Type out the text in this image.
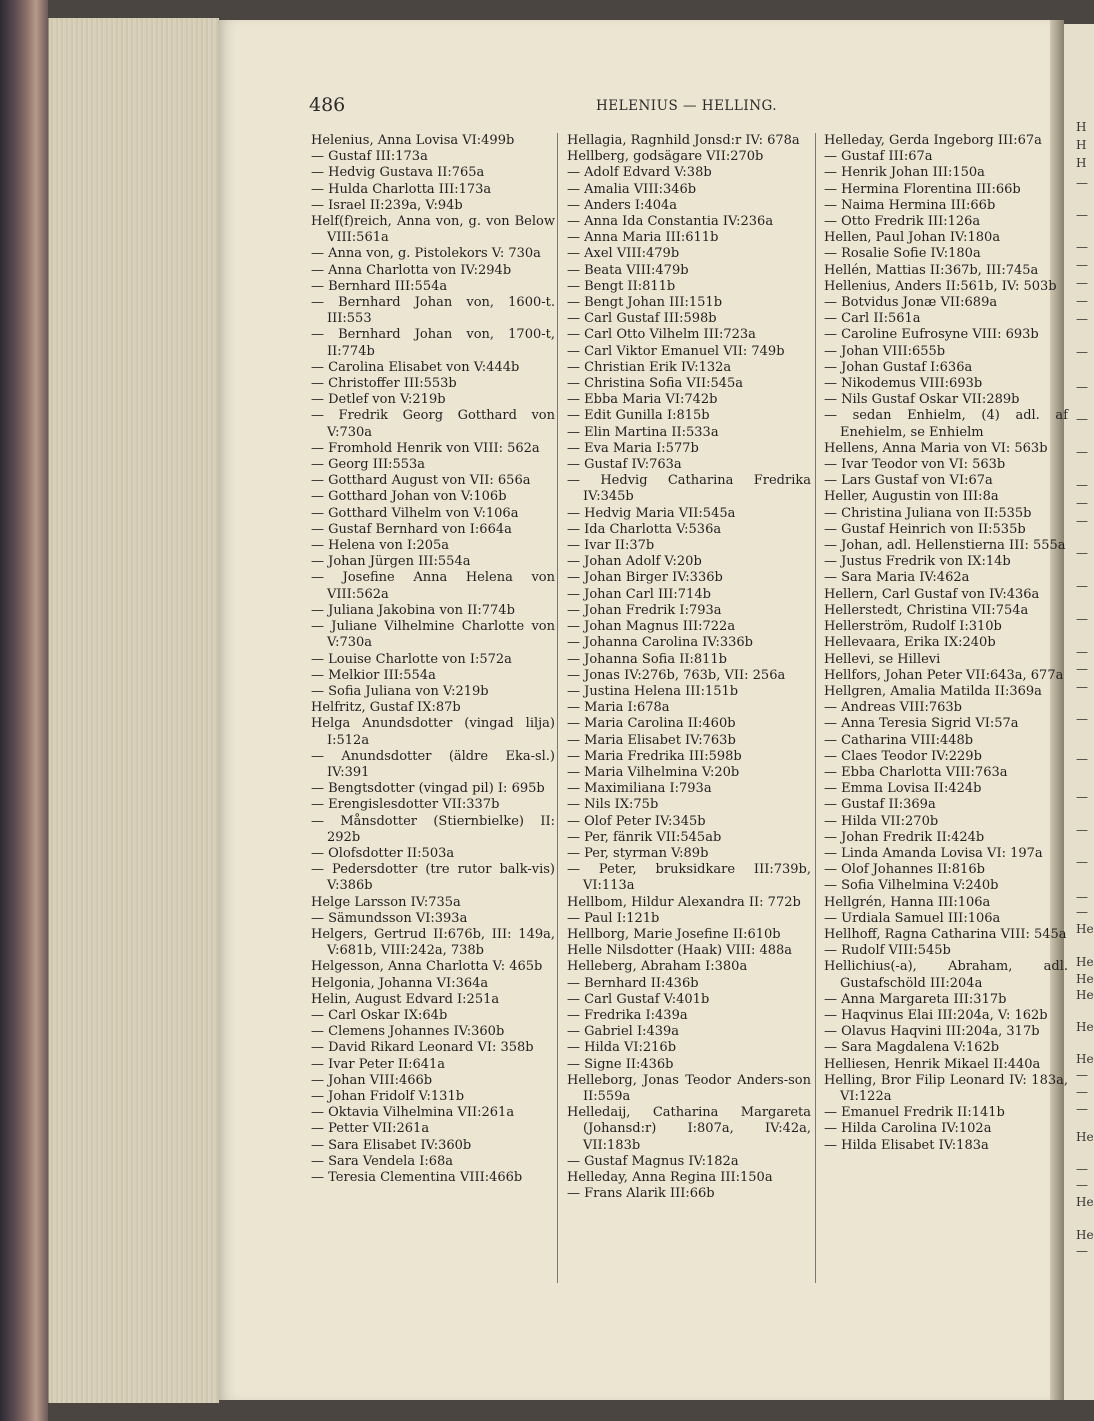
H
H
H
—
—
—
—
—
—
—
—
—
—
—
—
—
—
—
—
—
—
—
—
—
—
—
—
—
—
—
He
He
He
He
He
He
—
—
—
He
—
—
He
He
—
486	HELENIUS — HELLING.

Helenius, Anna Lovisa VI:499b

— Gustaf III:173a

— Hedvig Gustava II:765a

— Hulda Charlotta III:173a

— Israel II:239a, V:94b

Helf(f)reich, Anna von, g. von Below VIII:561a

— Anna von, g. Pistolekors V: 730a

— Anna Charlotta von IV:294b

— Bernhard III:554a

— Bernhard Johan von, 1600-t. III:553

— Bernhard Johan von, 1700-t, II:774b

— Carolina Elisabet von V:444b

— Christoffer III:553b

— Detlef von V:219b

— Fredrik Georg Gotthard von V:730a

— Fromhold Henrik von VIII: 562a

— Georg III:553a

— Gotthard August von VII: 656a

— Gotthard Johan von V:106b

— Gotthard Vilhelm von V:106a

— Gustaf Bernhard von I:664a

— Helena von I:205a

— Johan Jürgen III:554a

— Josefine Anna Helena von VIII:562a

— Juliana Jakobina von II:774b

— Juliane Vilhelmine Charlotte von V:730a

— Louise Charlotte von I:572a

— Melkior III:554a

— Sofia Juliana von V:219b

Helfritz, Gustaf IX:87b

Helga Anundsdotter (vingad lilja) I:512a

— Anundsdotter (äldre Eka-sl.) IV:391

— Bengtsdotter (vingad pil) I: 695b

— Erengislesdotter VII:337b

— Månsdotter (Stiernbielke) II: 292b

— Olofsdotter II:503a

— Pedersdotter (tre rutor balk-vis) V:386b

Helge Larsson IV:735a

— Sämundsson VI:393a

Helgers, Gertrud II:676b, III: 149a, V:681b, VIII:242a, 738b

Helgesson, Anna Charlotta V: 465b

Helgonia, Johanna VI:364a

Helin, August Edvard I:251a

— Carl Oskar IX:64b

— Clemens Johannes IV:360b

— David Rikard Leonard VI: 358b

— Ivar Peter II:641a

— Johan VIII:466b

— Johan Fridolf V:131b

— Oktavia Vilhelmina VII:261a

— Petter VII:261a

— Sara Elisabet IV:360b

— Sara Vendela I:68a

— Teresia Clementina VIII:466b

Hellagia, Ragnhild Jonsd:r IV: 678a

Hellberg, godsägare VII:270b

— Adolf Edvard V:38b

— Amalia VIII:346b

— Anders I:404a

— Anna Ida Constantia IV:236a

— Anna Maria III:611b

— Axel VIII:479b

— Beata VIII:479b

— Bengt II:811b

— Bengt Johan III:151b

— Carl Gustaf III:598b

— Carl Otto Vilhelm III:723a

— Carl Viktor Emanuel VII: 749b

— Christian Erik IV:132a

— Christina Sofia VII:545a

— Ebba Maria VI:742b

— Edit Gunilla I:815b

— Elin Martina II:533a

— Eva Maria I:577b

— Gustaf IV:763a

— Hedvig Catharina Fredrika IV:345b

— Hedvig Maria VII:545a

— Ida Charlotta V:536a

— Ivar II:37b

— Johan Adolf V:20b

— Johan Birger IV:336b

— Johan Carl III:714b

— Johan Fredrik I:793a

— Johan Magnus III:722a

— Johanna Carolina IV:336b

— Johanna Sofia II:811b

— Jonas IV:276b, 763b, VII: 256a

— Justina Helena III:151b

— Maria I:678a

— Maria Carolina II:460b

— Maria Elisabet IV:763b

— Maria Fredrika III:598b

— Maria Vilhelmina V:20b

— Maximiliana I:793a

— Nils IX:75b

— Olof Peter IV:345b

— Per, fänrik VII:545ab

— Per, styrman V:89b

— Peter, bruksidkare III:739b, VI:113a

Hellbom, Hildur Alexandra II: 772b

— Paul I:121b

Hellborg, Marie Josefine II:610b

Helle Nilsdotter (Haak) VIII: 488a

Helleberg, Abraham I:380a

— Bernhard II:436b

— Carl Gustaf V:401b

— Fredrika I:439a

— Gabriel I:439a

— Hilda VI:216b

— Signe II:436b

Helleborg, Jonas Teodor Anders-son II:559a

Helledaij, Catharina Margareta (Johansd:r) I:807a, IV:42a, VII:183b

— Gustaf Magnus IV:182a

Helleday, Anna Regina III:150a

— Frans Alarik III:66b

Helleday, Gerda Ingeborg III:67a

— Gustaf III:67a

— Henrik Johan III:150a

— Hermina Florentina III:66b

— Naima Hermina III:66b

— Otto Fredrik III:126a

Hellen, Paul Johan IV:180a

— Rosalie Sofie IV:180a

Hellén, Mattias II:367b, III:745a

Hellenius, Anders II:561b, IV: 503b

— Botvidus Jonæ VII:689a

— Carl II:561a

— Caroline Eufrosyne VIII: 693b

— Johan VIII:655b

— Johan Gustaf I:636a

— Nikodemus VIII:693b

— Nils Gustaf Oskar VII:289b

— sedan Enhielm, (4) adl. af Enehielm, se Enhielm

Hellens, Anna Maria von VI: 563b

— Ivar Teodor von VI: 563b

— Lars Gustaf von VI:67a

Heller, Augustin von III:8a

— Christina Juliana von II:535b

— Gustaf Heinrich von II:535b

— Johan, adl. Hellenstierna III: 555a

— Justus Fredrik von IX:14b

— Sara Maria IV:462a

Hellern, Carl Gustaf von IV:436a

Hellerstedt, Christina VII:754a

Hellerström, Rudolf I:310b

Hellevaara, Erika IX:240b

Hellevi, se Hillevi

Hellfors, Johan Peter VII:643a, 677a

Hellgren, Amalia Matilda II:369a

— Andreas VIII:763b

— Anna Teresia Sigrid VI:57a

— Catharina VIII:448b

— Claes Teodor IV:229b

— Ebba Charlotta VIII:763a

— Emma Lovisa II:424b

— Gustaf II:369a

— Hilda VII:270b

— Johan Fredrik II:424b

— Linda Amanda Lovisa VI: 197a

— Olof Johannes II:816b

— Sofia Vilhelmina V:240b

Hellgrén, Hanna III:106a

— Urdiala Samuel III:106a

Hellhoff, Ragna Catharina VIII: 545a

— Rudolf VIII:545b

Hellichius(-a), Abraham, adl. Gustafschöld III:204a

— Anna Margareta III:317b

— Haqvinus Elai III:204a, V: 162b

— Olavus Haqvini III:204a, 317b

— Sara Magdalena V:162b

Helliesen, Henrik Mikael II:440a

Helling, Bror Filip Leonard IV: 183a, VI:122a

— Emanuel Fredrik II:141b

— Hilda Carolina IV:102a

— Hilda Elisabet IV:183a
